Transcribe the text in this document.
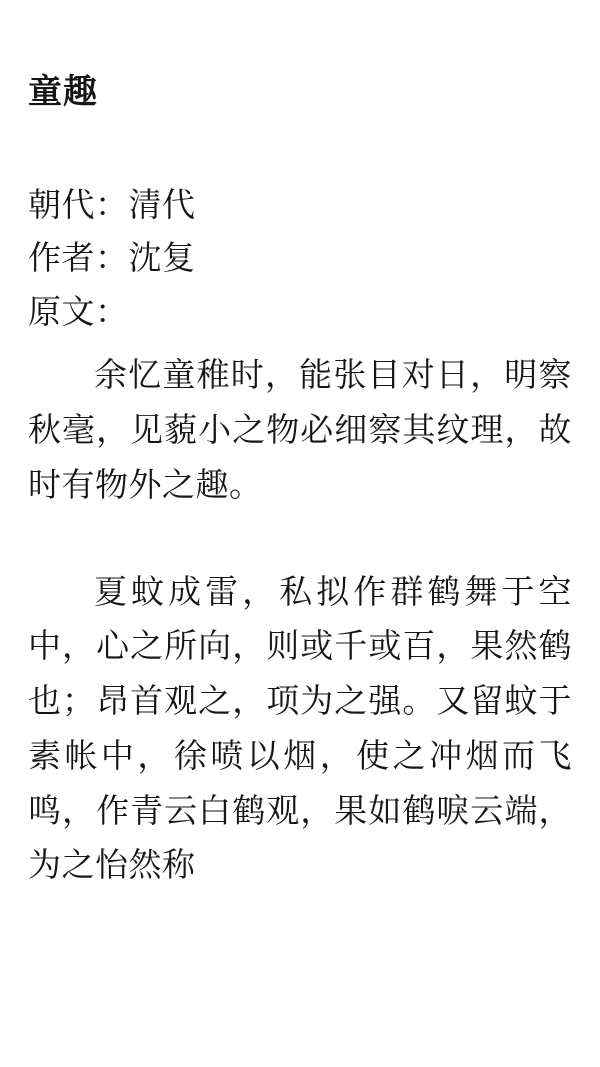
童趣
朝代：清代
作者：沈复
原文：

余忆童稚时，能张目对日，明察秋毫，见藐小之物必细察其纹理，故时有物外之趣。

夏蚊成雷，私拟作群鹤舞于空中，心之所向，则或千或百，果然鹤也；昂首观之，项为之强。又留蚊于素帐中，徐喷以烟，使之冲烟而飞鸣，作青云白鹤观，果如鹤唳云端，为之怡然称
